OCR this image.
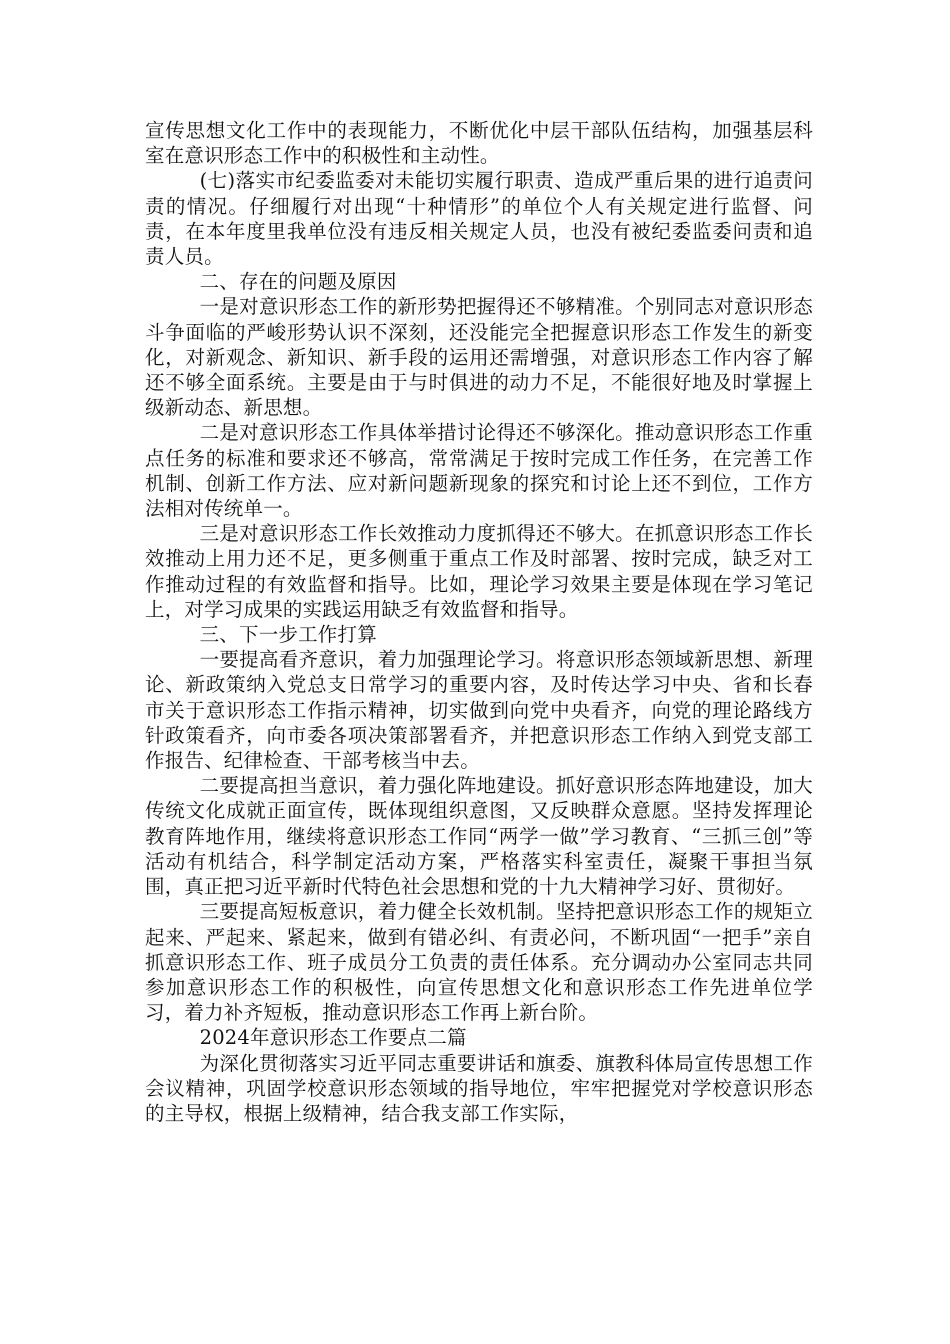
宣传思想文化工作中的表现能力，不断优化中层干部队伍结构，加强基层科室在意识形态工作中的积极性和主动性。

(七)落实市纪委监委对未能切实履行职责、造成严重后果的进行追责问责的情况。仔细履行对出现“十种情形”的单位个人有关规定进行监督、问责，在本年度里我单位没有违反相关规定人员，也没有被纪委监委问责和追责人员。

二、存在的问题及原因

一是对意识形态工作的新形势把握得还不够精准。个别同志对意识形态斗争面临的严峻形势认识不深刻，还没能完全把握意识形态工作发生的新变化，对新观念、新知识、新手段的运用还需增强，对意识形态工作内容了解还不够全面系统。主要是由于与时俱进的动力不足，不能很好地及时掌握上级新动态、新思想。

二是对意识形态工作具体举措讨论得还不够深化。推动意识形态工作重点任务的标准和要求还不够高，常常满足于按时完成工作任务，在完善工作机制、创新工作方法、应对新问题新现象的探究和讨论上还不到位，工作方法相对传统单一。

三是对意识形态工作长效推动力度抓得还不够大。在抓意识形态工作长效推动上用力还不足，更多侧重于重点工作及时部署、按时完成，缺乏对工作推动过程的有效监督和指导。比如，理论学习效果主要是体现在学习笔记上，对学习成果的实践运用缺乏有效监督和指导。

三、下一步工作打算

一要提高看齐意识，着力加强理论学习。将意识形态领域新思想、新理论、新政策纳入党总支日常学习的重要内容，及时传达学习中央、省和长春市关于意识形态工作指示精神，切实做到向党中央看齐，向党的理论路线方针政策看齐，向市委各项决策部署看齐，并把意识形态工作纳入到党支部工作报告、纪律检查、干部考核当中去。

二要提高担当意识，着力强化阵地建设。抓好意识形态阵地建设，加大传统文化成就正面宣传，既体现组织意图，又反映群众意愿。坚持发挥理论教育阵地作用，继续将意识形态工作同“两学一做”学习教育、“三抓三创”等活动有机结合，科学制定活动方案，严格落实科室责任，凝聚干事担当氛围，真正把习近平新时代特色社会思想和党的十九大精神学习好、贯彻好。

三要提高短板意识，着力健全长效机制。坚持把意识形态工作的规矩立起来、严起来、紧起来，做到有错必纠、有责必问，不断巩固“一把手”亲自抓意识形态工作、班子成员分工负责的责任体系。充分调动办公室同志共同参加意识形态工作的积极性，向宣传思想文化和意识形态工作先进单位学习，着力补齐短板，推动意识形态工作再上新台阶。

2024年意识形态工作要点二篇

为深化贯彻落实习近平同志重要讲话和旗委、旗教科体局宣传思想工作会议精神，巩固学校意识形态领域的指导地位，牢牢把握党对学校意识形态的主导权，根据上级精神，结合我支部工作实际，
